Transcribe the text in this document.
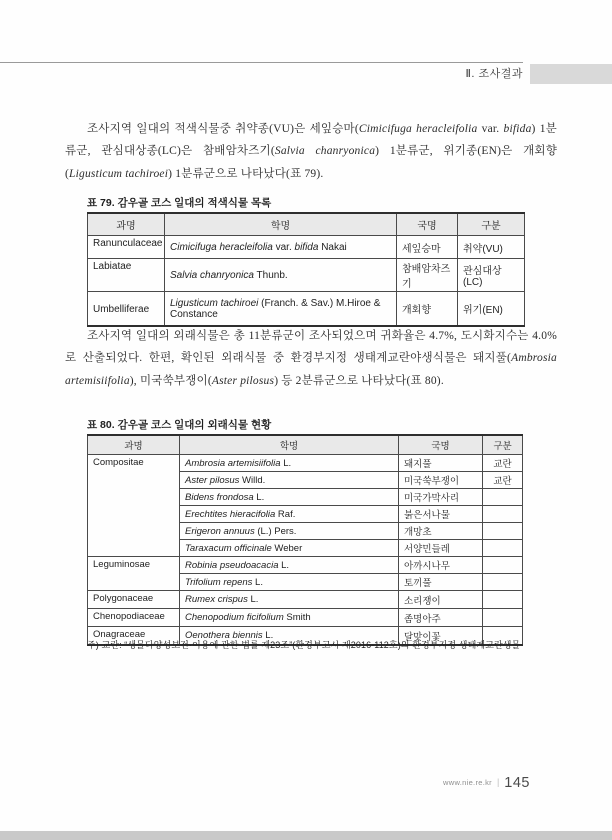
Ⅱ. 조사결과

조사지역 일대의 적색식물중 취약종(VU)은 세잎승마(Cimicifuga heracleifolia var. bifida) 1분류군, 관심대상종(LC)은 참배암차즈기(Salvia chanryonica) 1분류군, 위기종(EN)은 개회향(Ligusticum tachiroei) 1분류군으로 나타났다(표 79).

표 79. 감우골 코스 일대의 적색식물 목록
과명	학명	국명	구분
Ranunculaceae	Cimicifuga heracleifolia var. bifida Nakai	세잎승마	취약(VU)
Labiatae	Salvia chanryonica Thunb.	참배암차즈기	관심대상(LC)
Umbelliferae	Ligusticum tachiroei (Franch. & Sav.) M.Hiroe & Constance	개회향	위기(EN)

조사지역 일대의 외래식물은 총 11분류군이 조사되었으며 귀화율은 4.7%, 도시화지수는 4.0%로 산출되었다. 한편, 확인된 외래식물 중 환경부지정 생태계교란야생식물은 돼지풀(Ambrosia artemisiifolia), 미국쑥부쟁이(Aster pilosus) 등 2분류군으로 나타났다(표 80).

표 80. 감우골 코스 일대의 외래식물 현황
과명	학명	국명	구분
Compositae	Ambrosia artemisiifolia L.	돼지풀	교란
	Aster pilosus Willd.	미국쑥부쟁이	교란
	Bidens frondosa L.	미국가막사리	
	Erechtites hieracifolia Raf.	붉은서나물	
	Erigeron annuus (L.) Pers.	개망초	
	Taraxacum officinale Weber	서양민들레	
Leguminosae	Robinia pseudoacacia L.	아까시나무	
	Trifolium repens L.	토끼풀	
Polygonaceae	Rumex crispus L.	소리쟁이	
Chenopodiaceae	Chenopodium ficifolium Smith	좀명아주	
Onagraceae	Oenothera biennis L.	달맞이꽃	
주) 교란: “생물다양성보전·이용에 관한 법률 제23조”(환경부고시 제2016-112호)의 환경부지정 생태계교란생물
www.nie.re.kr | 145
